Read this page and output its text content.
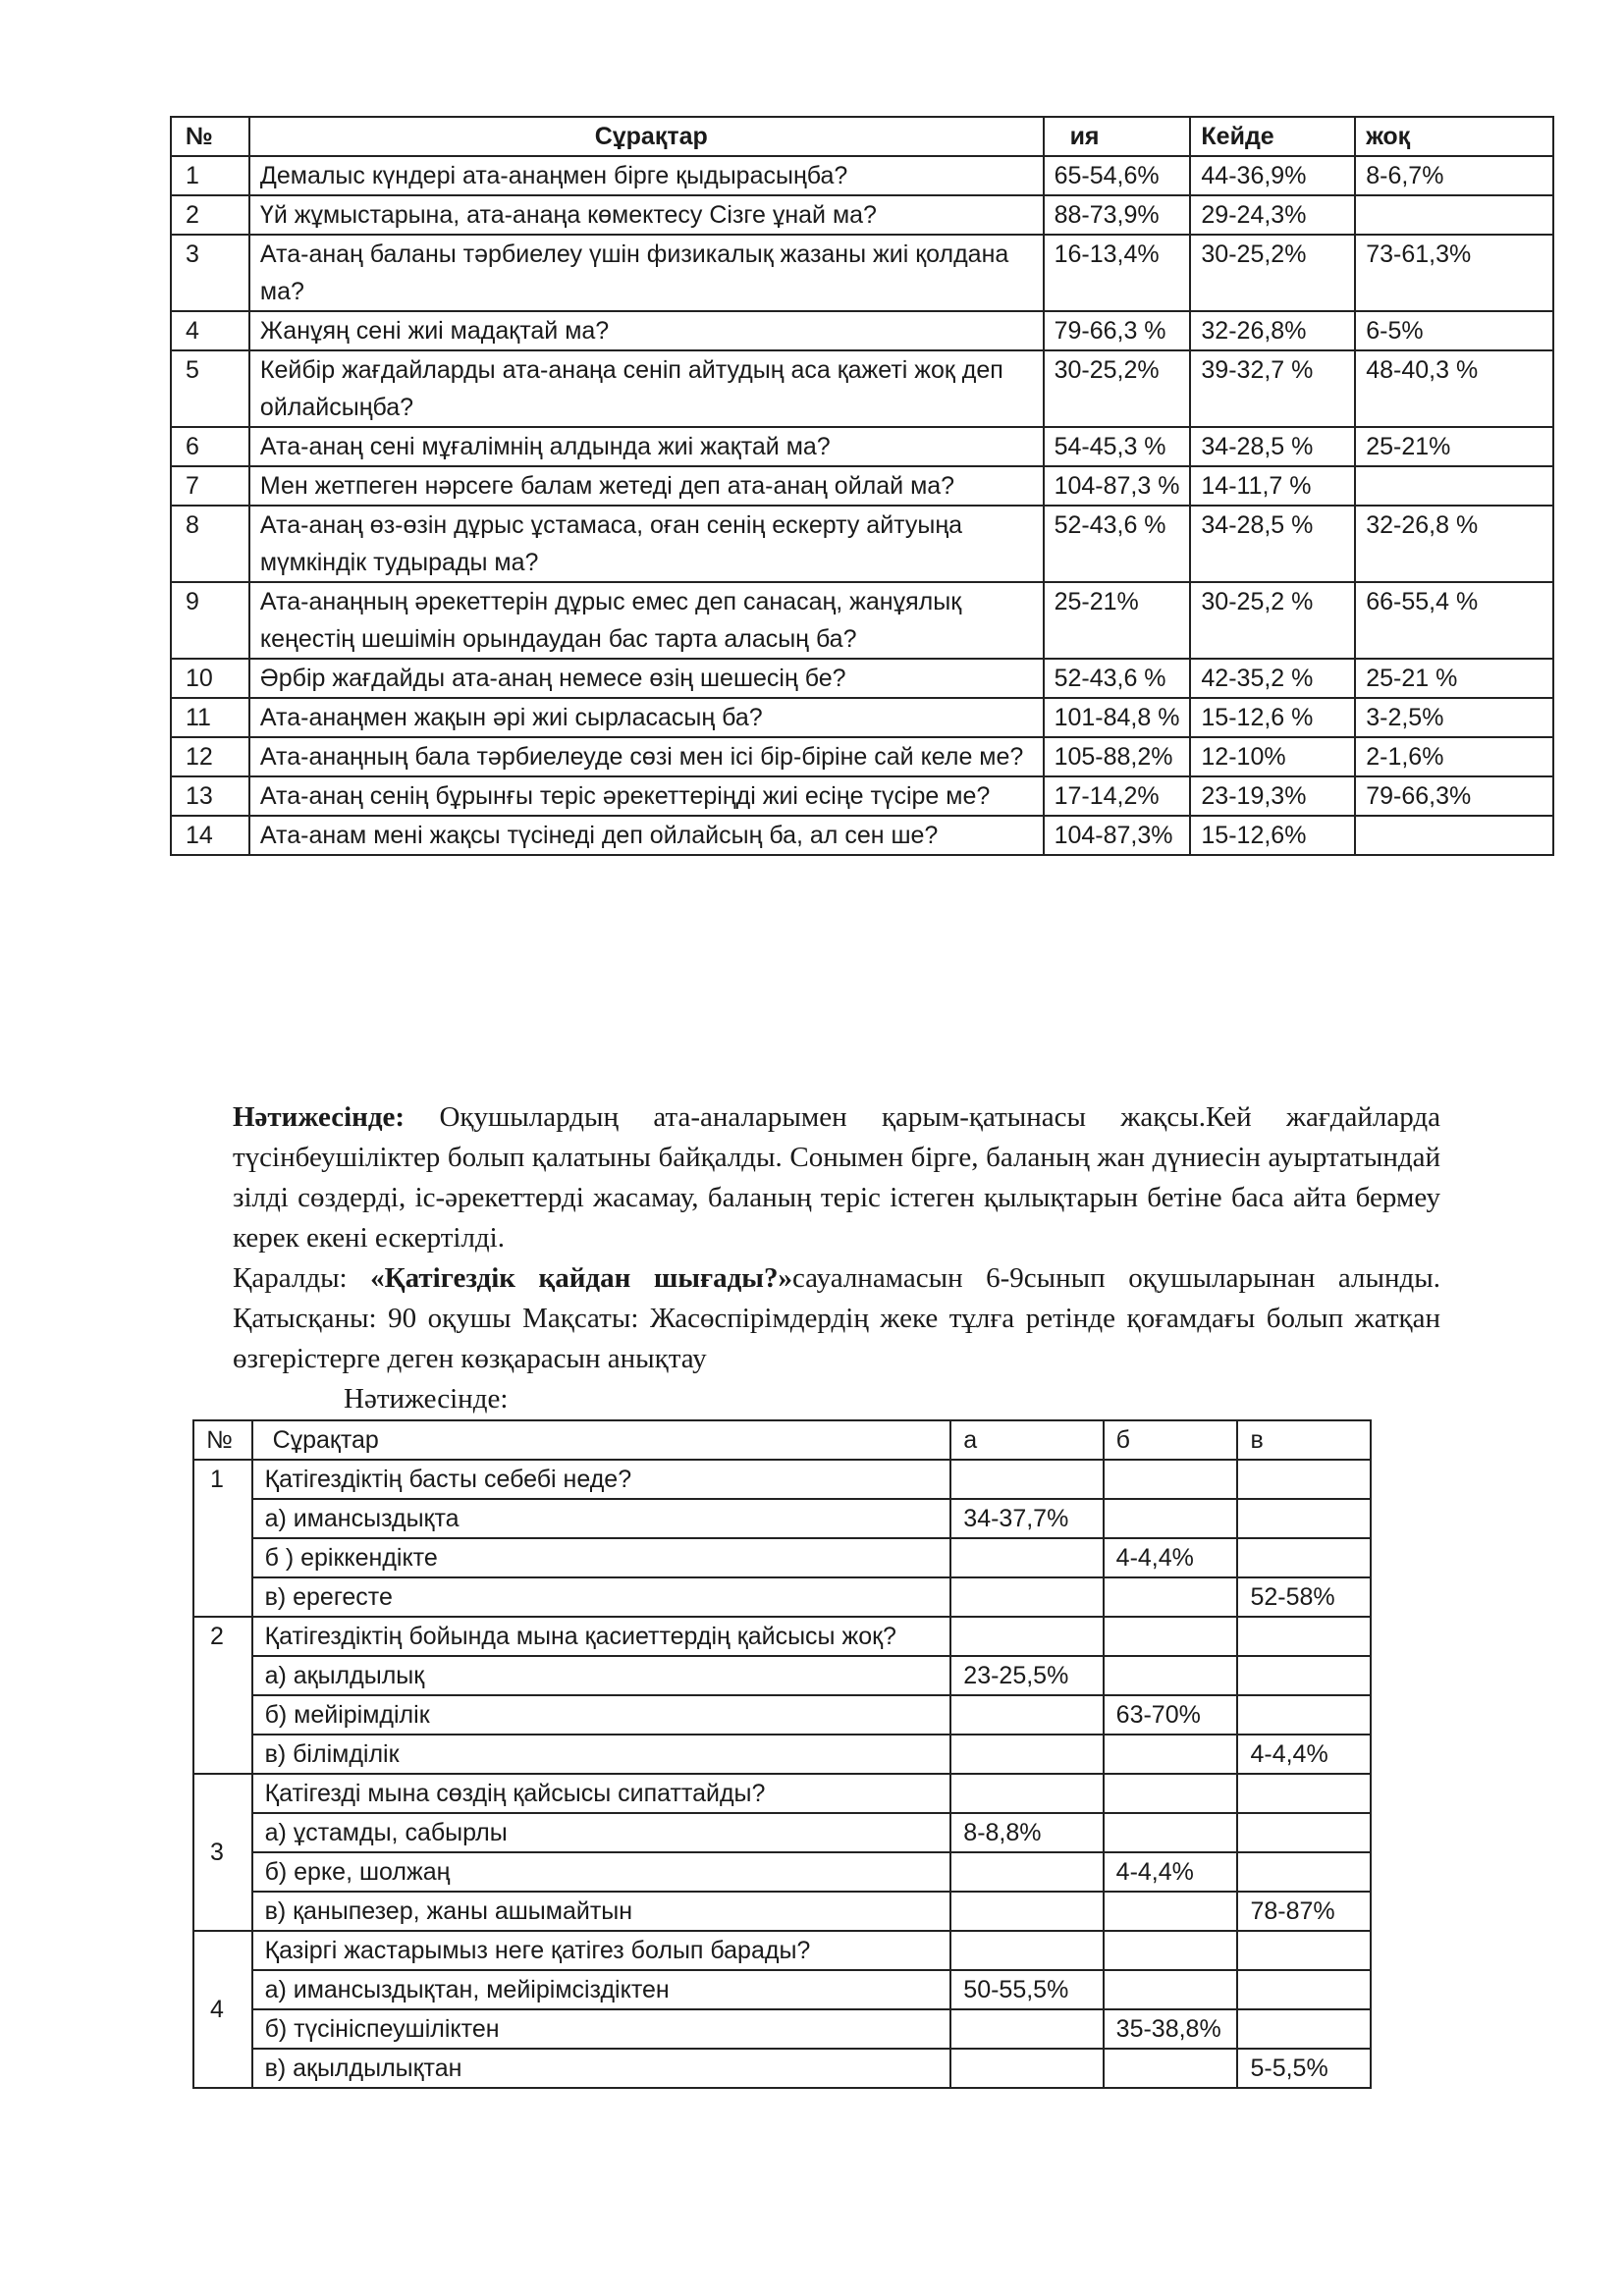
№	Сұрақтар	ия	Кейде	жоқ
1	Демалыс күндері ата-анаңмен бірге қыдырасыңба?	65-54,6%	44-36,9%	8-6,7%
2	Үй жұмыстарына, ата-анаңа көмектесу Сізге ұнай ма?	88-73,9%	29-24,3%	
3	Ата-анаң баланы тәрбиелеу үшін физикалық жазаны жиі қолдана ма?	16-13,4%	30-25,2%	73-61,3%
4	Жанұяң сені жиі мадақтай ма?	79-66,3 %	32-26,8%	6-5%
5	Кейбір жағдайларды ата-анаңа сеніп айтудың аса қажеті жоқ деп ойлайсыңба?	30-25,2%	39-32,7 %	48-40,3 %
6	Ата-анаң сені мұғалімнің алдында жиі жақтай ма?	54-45,3 %	34-28,5 %	25-21%
7	Мен жетпеген нәрсеге балам жетеді деп ата-анаң ойлай ма?	104-87,3 %	14-11,7 %	
8	Ата-анаң өз-өзін дұрыс ұстамаса, оған сенің ескерту айтуыңа мүмкіндік тудырады ма?	52-43,6 %	34-28,5 %	32-26,8 %
9	Ата-анаңның әрекеттерін дұрыс емес деп санасаң, жанұялық кеңестің шешімін орындаудан бас тарта аласың ба?	25-21%	30-25,2 %	66-55,4 %
10	Әрбір жағдайды ата-анаң немесе өзің шешесің бе?	52-43,6 %	42-35,2 %	25-21 %
11	Ата-анаңмен жақын әрі жиі сырласасың ба?	101-84,8 %	15-12,6 %	3-2,5%
12	Ата-анаңның бала тәрбиелеуде сөзі мен ісі бір-біріне сай келе ме?	105-88,2%	12-10%	2-1,6%
13	Ата-анаң сенің бұрынғы теріс әрекеттеріңді жиі есіңе түсіре ме?	17-14,2%	23-19,3%	79-66,3%
14	Ата-анам мені жақсы түсінеді деп ойлайсың ба, ал сен ше?	104-87,3%	15-12,6%	
Нәтижесінде: Оқушылардың ата-аналарымен қарым-қатынасы жақсы.Кей жағдайларда түсінбеушіліктер болып қалатыны байқалды. Сонымен бірге, баланың жан дүниесін ауыртатындай зілді сөздерді, іс-әрекеттерді жасамау, баланың теріс істеген қылықтарын бетіне баса айта бермеу керек екені ескертілді.
Қаралды: «Қатігездік қайдан шығады?»сауалнамасын 6-9сынып оқушыларынан алынды. Қатысқаны: 90 оқушы Мақсаты: Жасөспірімдердің жеке тұлға ретінде қоғамдағы болып жатқан өзгерістерге деген көзқарасын анықтау
Нәтижесінде:
№	Сұрақтар	а	б	в
1	Қатігездіктің басты себебі неде?			
	а) имансыздықта	34-37,7%		
	б ) еріккендікте		4-4,4%	
	в) ерегесте			52-58%
2	Қатігездіктің бойында мына қасиеттердің қайсысы жоқ?			
	а) ақылдылық	23-25,5%		
	б) мейірімділік		63-70%	
	в) білімділік			4-4,4%
3	Қатігезді мына сөздің қайсысы сипаттайды?			
	а) ұстамды, сабырлы	8-8,8%		
	б) ерке, шолжаң		4-4,4%	
	в) қаныпезер, жаны ашымайтын			78-87%
4	Қазіргі жастарымыз неге қатігез болып барады?			
	а) имансыздықтан, мейірімсіздіктен	50-55,5%		
	б) түсініспеушіліктен		35-38,8%	
	в) ақылдылықтан			5-5,5%
